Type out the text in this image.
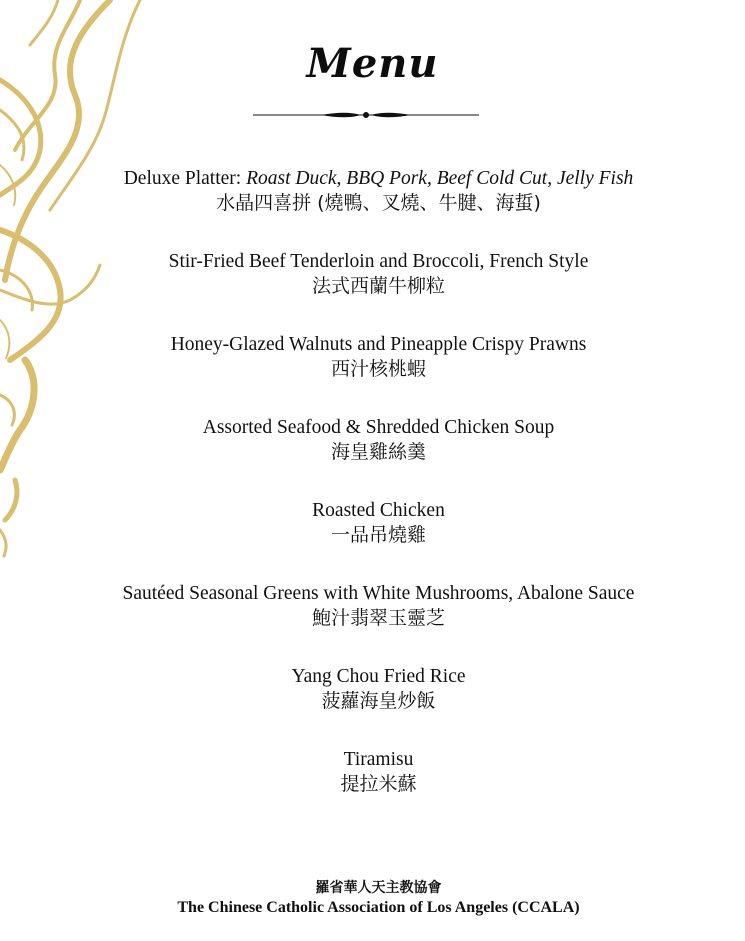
Menu
Deluxe Platter: Roast Duck, BBQ Pork, Beef Cold Cut, Jelly Fish
水晶四喜拼 (燒鴨、叉燒、牛腱、海蜇)
Stir-Fried Beef Tenderloin and Broccoli, French Style
法式西蘭牛柳粒
Honey-Glazed Walnuts and Pineapple Crispy Prawns
西汁核桃蝦
Assorted Seafood & Shredded Chicken Soup
海皇雞絲羹
Roasted Chicken
一品吊燒雞
Sautéed Seasonal Greens with White Mushrooms, Abalone Sauce
鮑汁翡翠玉靈芝
Yang Chou Fried Rice
菠蘿海皇炒飯
Tiramisu
提拉米蘇
羅省華人天主教協會
The Chinese Catholic Association of Los Angeles (CCALA)
